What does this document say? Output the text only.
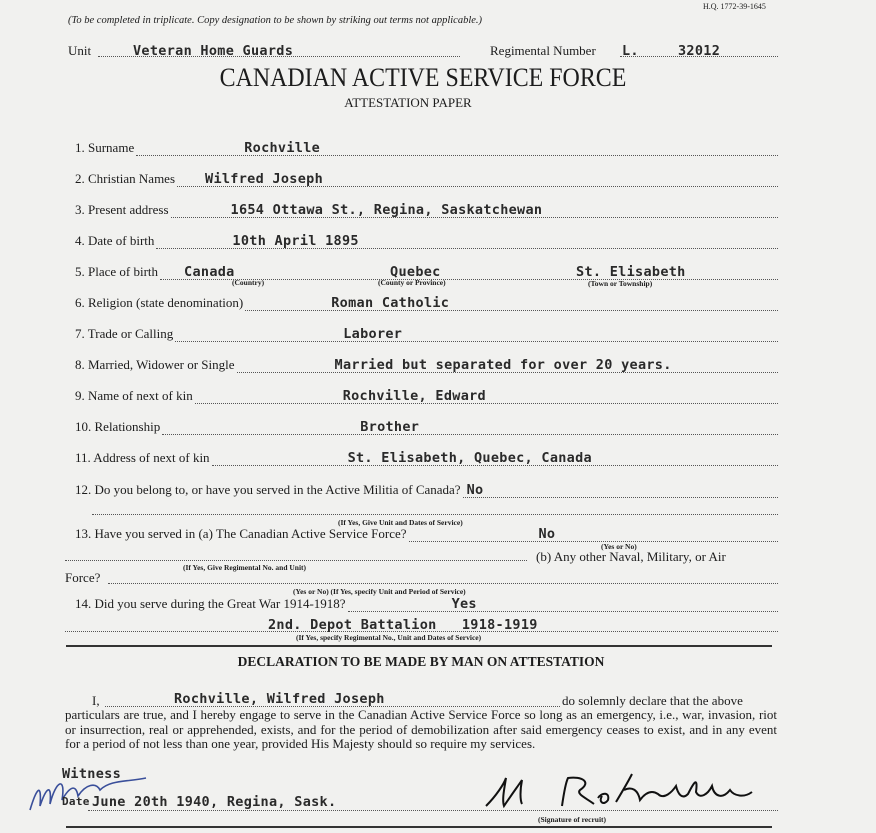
H.Q. 1772-39-1645
(To be completed in triplicate. Copy designation to be shown by striking out terms not applicable.)
Unit	Veteran Home Guards	Regimental Number L.	32012
CANADIAN ACTIVE SERVICE FORCE
ATTESTATION PAPER
1. Surname	Rochville
2. Christian Names Wilfred Joseph
3. Present address	1654 Ottawa St., Regina, Saskatchewan
4. Date of birth	10th April 1895
5. Place of birth Canada	Quebec	St. Elisabeth
(Country)	(County or Province)	(Town or Township)
6. Religion (state denomination)	Roman Catholic
7. Trade or Calling	Laborer
8. Married, Widower or Single	Married but separated for over 20 years.
9. Name of next of kin	Rochville, Edward
10. Relationship	Brother
11. Address of next of kin	St. Elisabeth, Quebec, Canada
12. Do you belong to, or have you served in the Active Militia of Canada? No
(If Yes, Give Unit and Dates of Service)
13. Have you served in (a) The Canadian Active Service Force?	No
(Yes or No)
(b) Any other Naval, Military, or Air
(If Yes, Give Regimental No. and Unit)
Force?
(Yes or No) (If Yes, specify Unit and Period of Service)
14. Did you serve during the Great War 1914-1918?	Yes
2nd. Depot Battalion   1918-1919
(If Yes, specify Regimental No., Unit and Dates of Service)
DECLARATION TO BE MADE BY MAN ON ATTESTATION
I,	Rochville, Wilfred Joseph	do solemnly declare that the above
particulars are true, and I hereby engage to serve in the Canadian Active Service Force so long as an emergency, i.e., war, invasion, riot or insurrection, real or apprehended, exists, and for the period of demobilization after said emergency ceases to exist, and in any event for a period of not less than one year, provided His Majesty should so require my services.
Witness
Date June 20th 1940, Regina, Sask.
(Signature of recruit)
